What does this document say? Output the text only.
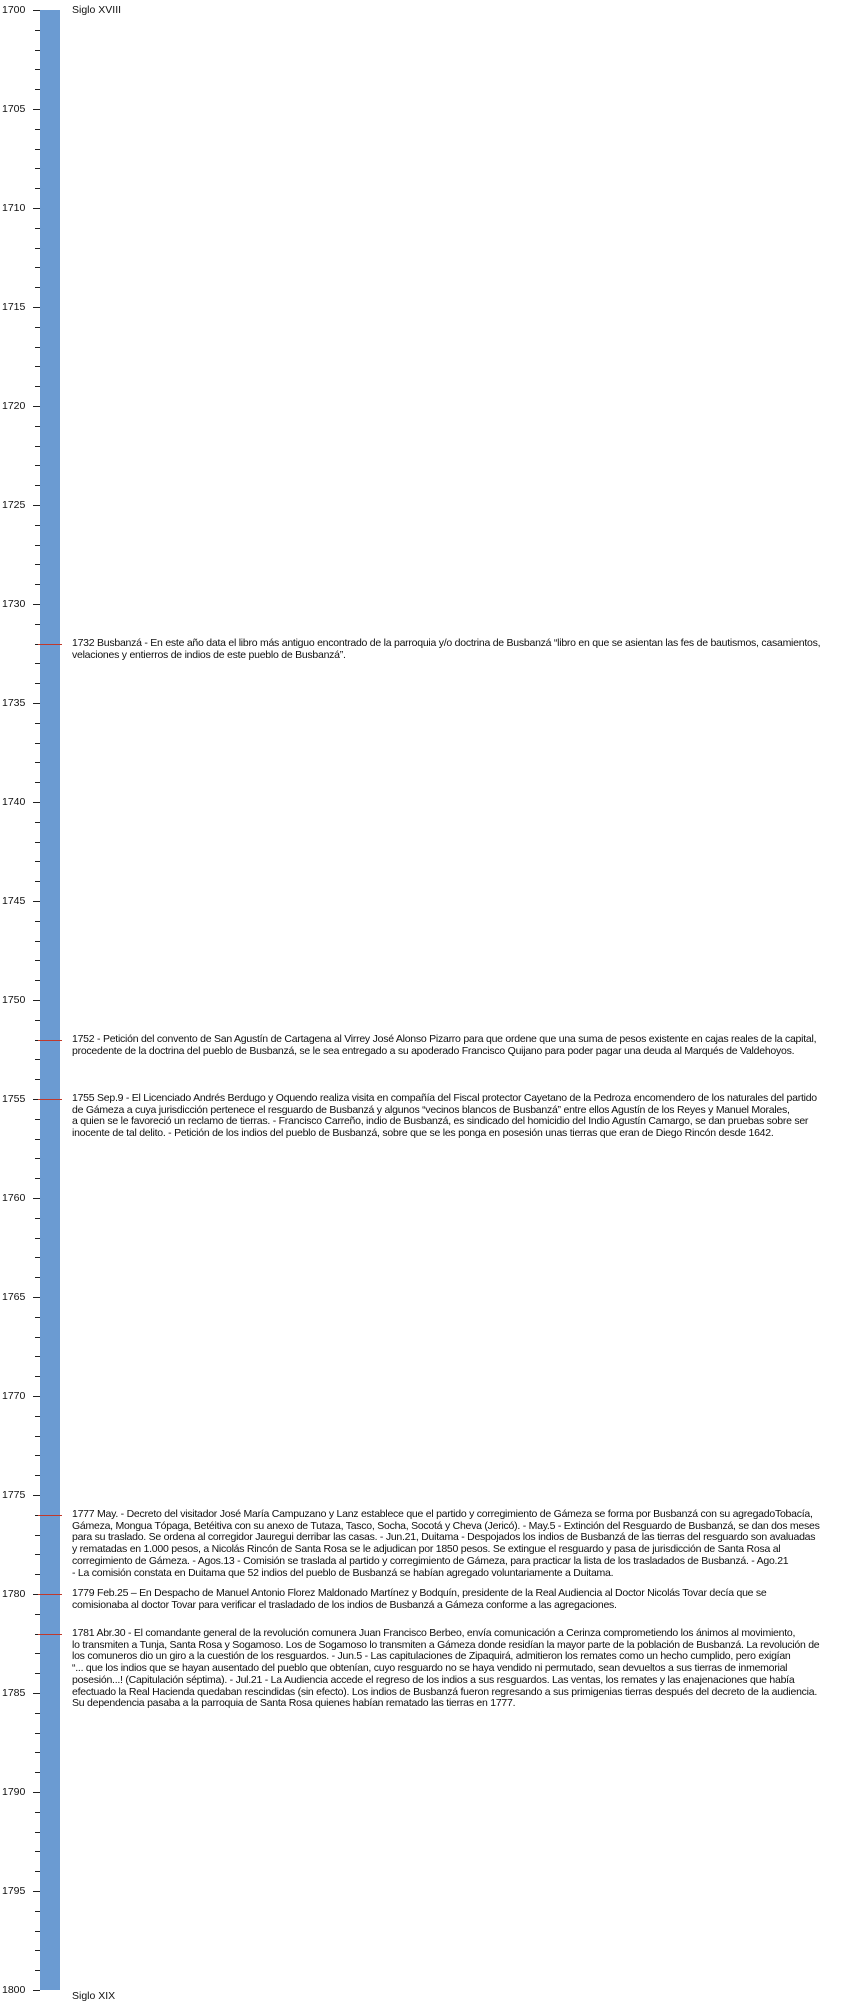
Siglo XVIII
Siglo XIX
1700
1705
1710
1715
1720
1725
1730
1735
1740
1745
1750
1755
1760
1765
1770
1775
1780
1785
1790
1795
1800
1732 Busbanzá - En este año data el libro más antiguo encontrado de la parroquia y/o doctrina de Busbanzá “libro en que se asientan las fes de bautismos, casamientos,
velaciones y entierros de indios de este pueblo de Busbanzá”.
1752 - Petición del convento de San Agustín de Cartagena al Virrey José Alonso Pizarro para que ordene que una suma de pesos existente en cajas reales de la capital,
procedente de la doctrina del pueblo de Busbanzá, se le sea entregado a su apoderado Francisco Quijano para poder pagar una deuda al Marqués de Valdehoyos.
1755 Sep.9 - El Licenciado Andrés Berdugo y Oquendo realiza visita en compañía del Fiscal protector Cayetano de la Pedroza encomendero de los naturales del partido
de Gámeza a cuya jurisdicción pertenece el resguardo de Busbanzá y algunos “vecinos blancos de Busbanzá” entre ellos Agustín de los Reyes y Manuel Morales,
a quien se le favoreció un reclamo de tierras. - Francisco Carreño, indio de Busbanzá, es sindicado del homicidio del Indio Agustín Camargo, se dan pruebas sobre ser
inocente de tal delito. - Petición de los indios del pueblo de Busbanzá, sobre que se les ponga en posesión unas tierras que eran de Diego Rincón desde 1642.
1777 May. - Decreto del visitador José María Campuzano y Lanz establece que el partido y corregimiento de Gámeza se forma por Busbanzá con su agregadoTobacía,
Gámeza, Mongua Tópaga, Betéitiva con su anexo de Tutaza, Tasco, Socha, Socotá y Cheva (Jericó). - May.5 - Extinción del Resguardo de Busbanzá, se dan dos meses
para su traslado. Se ordena al corregidor Jauregui derribar las casas. - Jun.21, Duitama - Despojados los indios de Busbanzá de las tierras del resguardo son avaluadas
y rematadas en 1.000 pesos, a Nicolás Rincón de Santa Rosa se le adjudican por 1850 pesos. Se extingue el resguardo y pasa de jurisdicción de Santa Rosa al
corregimiento de Gámeza. - Agos.13 - Comisión se traslada al partido y corregimiento de Gámeza, para practicar la lista de los trasladados de Busbanzá. - Ago.21
- La comisión constata en Duitama que 52 indios del pueblo de Busbanzá se habían agregado voluntariamente a Duitama.
1779 Feb.25 – En Despacho de Manuel Antonio Florez Maldonado Martínez y Bodquín, presidente de la Real Audiencia al Doctor Nicolás Tovar decía que se
comisionaba al doctor Tovar para verificar el trasladado de los indios de Busbanzá a Gámeza conforme a las agregaciones.
1781 Abr.30 - El comandante general de la revolución comunera Juan Francisco Berbeo, envía comunicación a Cerinza comprometiendo los ánimos al movimiento,
lo transmiten a Tunja, Santa Rosa y Sogamoso. Los de Sogamoso lo transmiten a Gámeza donde residían la mayor parte de la población de Busbanzá. La revolución de
los comuneros dio un giro a la cuestión de los resguardos. - Jun.5 - Las capitulaciones de Zipaquirá, admitieron los remates como un hecho cumplido, pero exigían
“... que los indios que se hayan ausentado del pueblo que obtenían, cuyo resguardo no se haya vendido ni permutado, sean devueltos a sus tierras de inmemorial
posesión...! (Capitulación séptima). - Jul.21 - La Audiencia accede el regreso de los indios a sus resguardos. Las ventas, los remates y las enajenaciones que había
efectuado la Real Hacienda quedaban rescindidas (sin efecto). Los indios de Busbanzá fueron regresando a sus primigenias tierras después del decreto de la audiencia.
Su dependencia pasaba a la parroquia de Santa Rosa quienes habían rematado las tierras en 1777.
